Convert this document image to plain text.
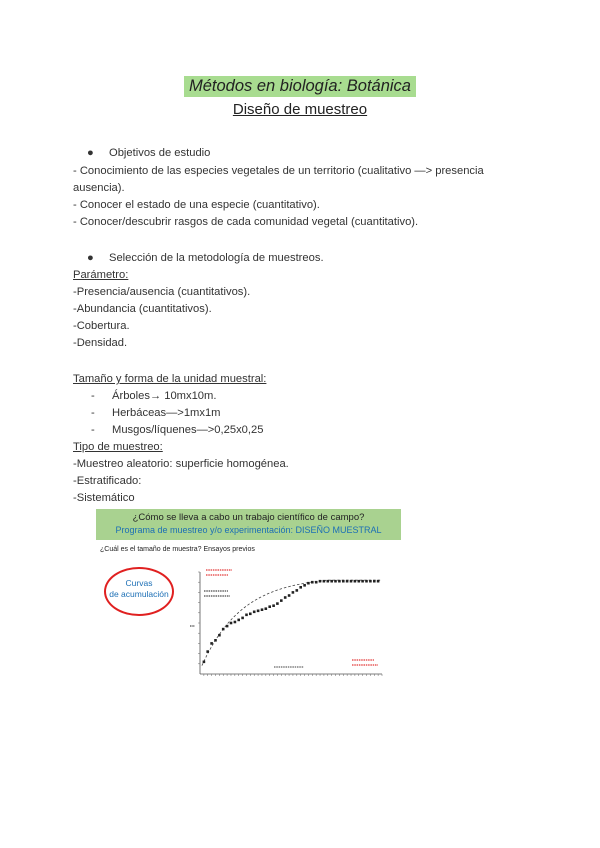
Métodos en biología: Botánica
Diseño de muestreo
● Objetivos de estudio
- Conocimiento de las especies vegetales de un territorio (cualitativo —> presencia
ausencia).
- Conocer el estado de una especie (cuantitativo).
- Conocer/descubrir rasgos de cada comunidad vegetal (cuantitativo).
● Selección de la metodología de muestreos.
Parámetro:
-Presencia/ausencia (cuantitativos).
-Abundancia (cuantitativos).
-Cobertura.
-Densidad.
Tamaño y forma de la unidad muestral:
- Árboles→ 10mx10m.
- Herbáceas—>1mx1m
- Musgos/líquenes—>0,25x0,25
Tipo de muestreo:
-Muestreo aleatorio: superficie homogénea.
-Estratificado:
-Sistemático
¿Cómo se lleva a cabo un trabajo científico de campo?
Programa de muestreo y/o experimentación: DISEÑO MUESTRAL
¿Cuál es el tamaño de muestra? Ensayos previos
Curvas
de acumulación
